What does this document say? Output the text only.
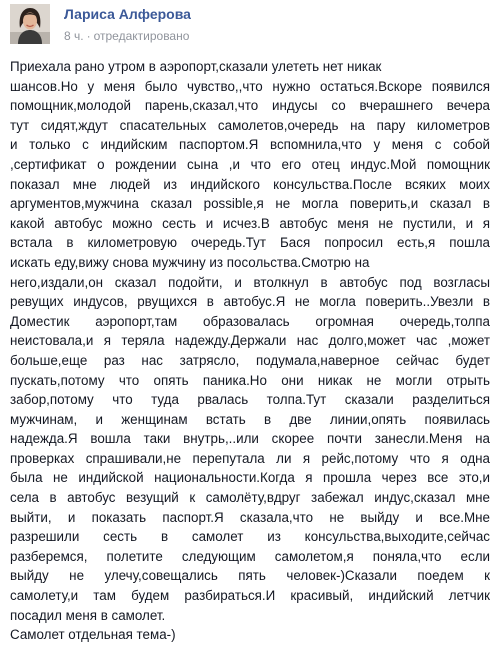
Лариса Алферова
8 ч. · отредактировано
Приехала рано утром в аэропорт,сказали улететь нет никак
шансов.Но у меня было чувство,,что нужно остаться.Вскоре появился
помощник,молодой парень,сказал,что индусы со вчерашнего вечера
тут сидят,ждут спасательных самолетов,очередь на пару километров
и только с индийским паспортом.Я вспомнила,что у меня с собой
,сертификат о рождении сына ,и что его отец индус.Мой помощник
показал мне людей из индийского консульства.После всяких моих
аргументов,мужчина сказал possible,я не могла поверить,и сказал в
какой автобус можно сесть и исчез.В автобус меня не пустили, и я
встала в километровую очередь.Тут Бася попросил есть,я пошла
искать еду,вижу снова мужчину из посольства.Смотрю на
него,издали,он сказал подойти, и втолкнул в автобус под возгласы
ревущих индусов, рвущихся в автобус.Я не могла поверить..Увезли в
Доместик аэропорт,там образовалась огромная очередь,толпа
неистовала,и я теряла надежду.Держали нас долго,может час ,может
больше,еще раз нас затрясло, подумала,наверное сейчас будет
пускать,потому что опять паника.Но они никак не могли отрыть
забор,потому что туда рвалась толпа.Тут сказали разделиться
мужчинам, и женщинам встать в две линии,опять появилась
надежда.Я вошла таки внутрь,..или скорее почти занесли.Меня на
проверках спрашивали,не перепутала ли я рейс,потому что я одна
была не индийской национальности.Когда я прошла через все это,и
села в автобус везущий к самолёту,вдруг забежал индус,сказал мне
выйти, и показать паспорт.Я сказала,что не выйду и все.Мне
разрешили сесть в самолет из консульства,выходите,сейчас
разберемся, полетите следующим самолетом,я поняла,что если
выйду не улечу,совещались пять человек-)Сказали поедем к
самолету,и там будем разбираться.И красивый, индийский летчик
посадил меня в самолет.
Самолет отдельная тема-)
